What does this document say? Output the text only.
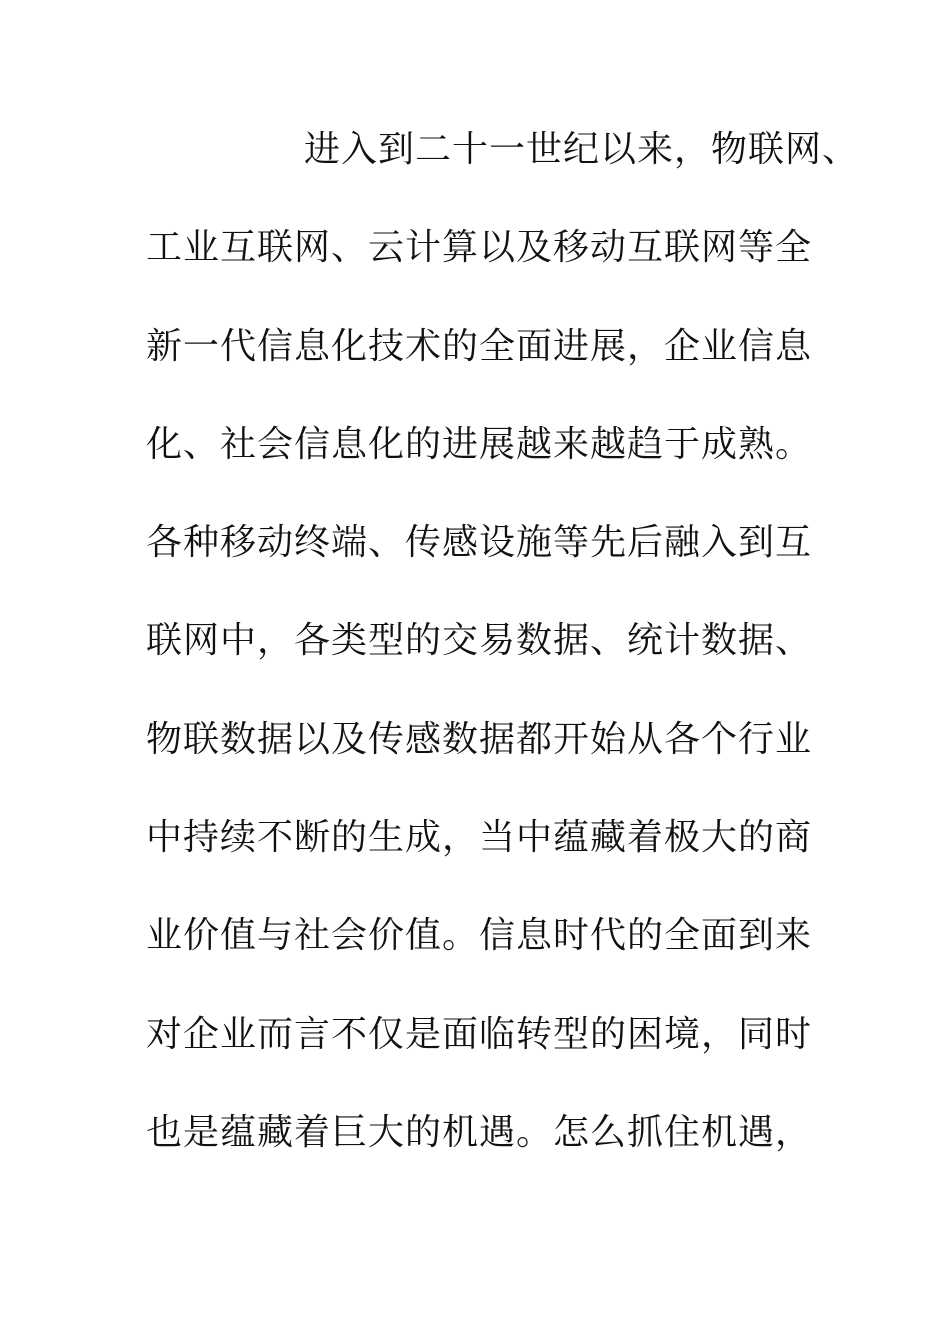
进入到二十一世纪以来，物联网、
工业互联网、云计算以及移动互联网等全
新一代信息化技术的全面进展，企业信息
化、社会信息化的进展越来越趋于成熟。
各种移动终端、传感设施等先后融入到互
联网中，各类型的交易数据、统计数据、
物联数据以及传感数据都开始从各个行业
中持续不断的生成，当中蕴藏着极大的商
业价值与社会价值。信息时代的全面到来
对企业而言不仅是面临转型的困境，同时
也是蕴藏着巨大的机遇。怎么抓住机遇，
